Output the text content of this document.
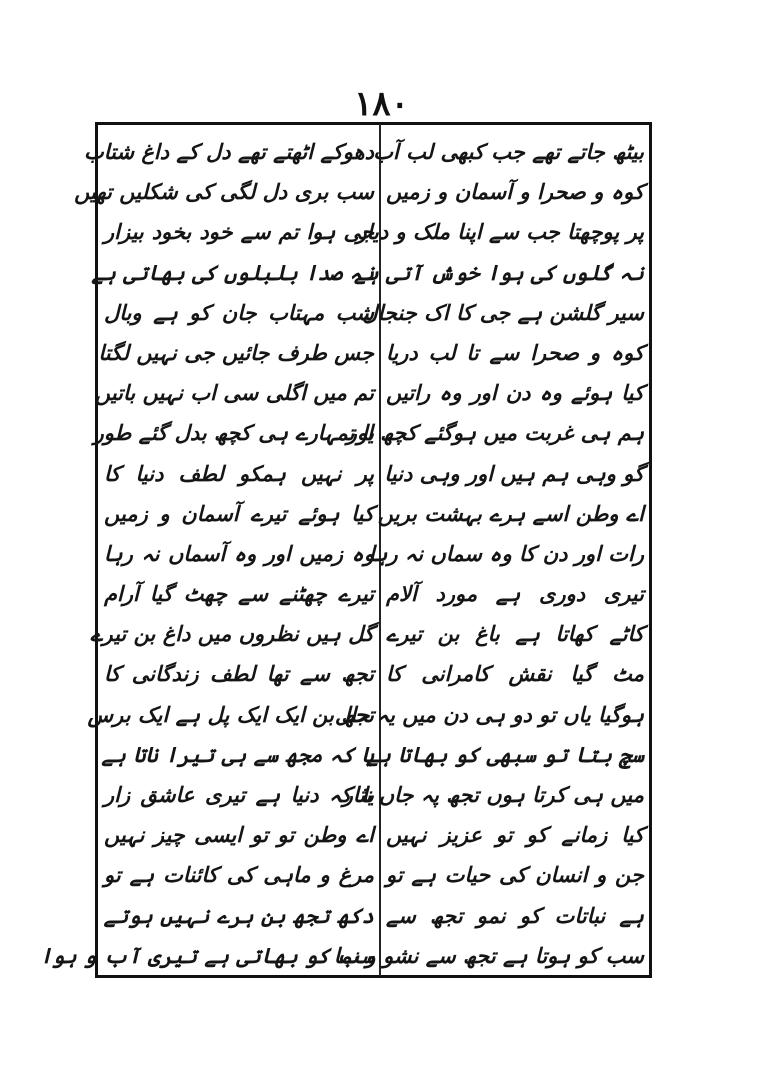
۱۸۰
بیٹھ جاتے تھے جب کبھی لب آب
کوہ و صحرا و آسمان و زمیں
پر پوچھتا جب سے اپنا ملک و دیار
نہ گلوں کی ہوا خوش آتی ہے
سیر گلشن ہے جی کا اک جنجال
کوہ و صحرا سے تا لب دریا
کیا ہوئے وہ دن اور وہ راتیں
ہم ہی غربت میں ہوگئے کچھ اور
گو وہی ہم ہیں اور وہی دنیا
اے وطن اسے ہرے بہشت بریں
رات اور دن کا وہ سماں نہ رہا
تیری دوری ہے مورد آلام
کاٹے کھاتا ہے باغ بن تیرے
مٹ گیا نقش کامرانی کا
ہوگیا یاں تو دو ہی دن میں یہ حال
سچ بتا تو سبھی کو بھاتا ہے
میں ہی کرتا ہوں تجھ پہ جاں نثار
کیا زمانے کو تو عزیز نہیں
جن و انسان کی حیات ہے تو
ہے نباتات کو نمو تجھ سے
سب کو ہوتا ہے تجھ سے نشو و نما
دھوکے اٹھتے تھے دل کے داغ شتاب
سب بری دل لگی کی شکلیں تھیں
جی ہوا تم سے خود بخود بیزار
نہ صدا بلبلوں کی بھاتی ہے
شب مہتاب جان کو ہے وبال
جس طرف جائیں جی نہیں لگتا
تم میں اگلی سی اب نہیں باتیں
یا تمہارے ہی کچھ بدل گئے طور
پر نہیں ہمکو لطف دنیا کا
کیا ہوئے تیرے آسمان و زمیں
وہ زمیں اور وہ آسماں نہ رہا
تیرے چھٹنے سے چھٹ گیا آرام
گل ہیں نظروں میں داغ بن تیرے
تجھ سے تھا لطف زندگانی کا
تجھ بن ایک ایک پل ہے ایک برس
یا کہ مجھ سے ہی تیرا ناتا ہے
یا کہ دنیا ہے تیری عاشق زار
اے وطن تو تو ایسی چیز نہیں
مرغ و ماہی کی کائنات ہے تو
دکھ تجھ بن ہرے نہیں ہوتے
سب کو بھاتی ہے تیری آب و ہوا
